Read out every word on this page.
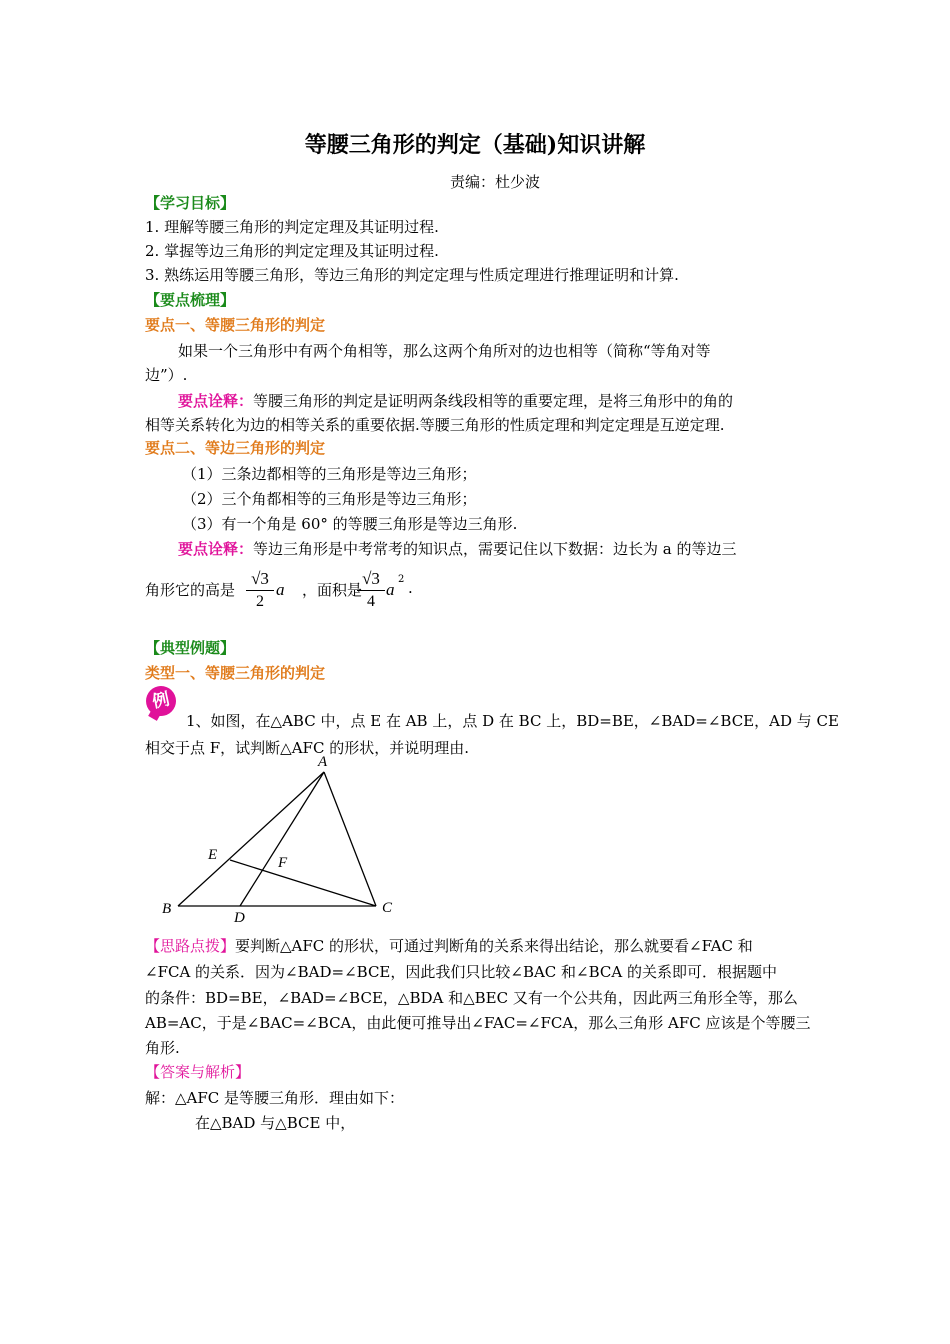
等腰三角形的判定（基础)知识讲解
责编：杜少波
【学习目标】
1. 理解等腰三角形的判定定理及其证明过程.
2. 掌握等边三角形的判定定理及其证明过程.
3. 熟练运用等腰三角形，等边三角形的判定定理与性质定理进行推理证明和计算.
【要点梳理】
要点一、等腰三角形的判定
如果一个三角形中有两个角相等，那么这两个角所对的边也相等（简称“等角对等
边”）.
要点诠释：等腰三角形的判定是证明两条线段相等的重要定理，是将三角形中的角的
相等关系转化为边的相等关系的重要依据.等腰三角形的性质定理和判定定理是互逆定理.
要点二、等边三角形的判定
（1）三条边都相等的三角形是等边三角形；
（2）三个角都相等的三角形是等边三角形；
（3）有一个角是 60° 的等腰三角形是等边三角形.
要点诠释：等边三角形是中考常考的知识点，需要记住以下数据：边长为 a 的等边三
角形它的高是 $\frac{√3}{2}$ a ，面积是
$\frac{√3}{4}$ a
2 .
【典型例题】
类型一、等腰三角形的判定
例
1、如图，在△ABC 中，点 E 在 AB 上，点 D 在 BC 上，BD=BE，∠BAD=∠BCE，AD 与 CE
相交于点 F，试判断△AFC 的形状，并说明理由.
A
B	C
D
E	F
【思路点拨】要判断△AFC 的形状，可通过判断角的关系来得出结论，那么就要看∠FAC 和
∠FCA 的关系．因为∠BAD=∠BCE，因此我们只比较∠BAC 和∠BCA 的关系即可．根据题中
的条件：BD=BE，∠BAD=∠BCE，△BDA 和△BEC 又有一个公共角，因此两三角形全等，那么
AB=AC，于是∠BAC=∠BCA，由此便可推导出∠FAC=∠FCA，那么三角形 AFC 应该是个等腰三
角形.
【答案与解析】
解：△AFC 是等腰三角形．理由如下：
在△BAD 与△BCE 中，
